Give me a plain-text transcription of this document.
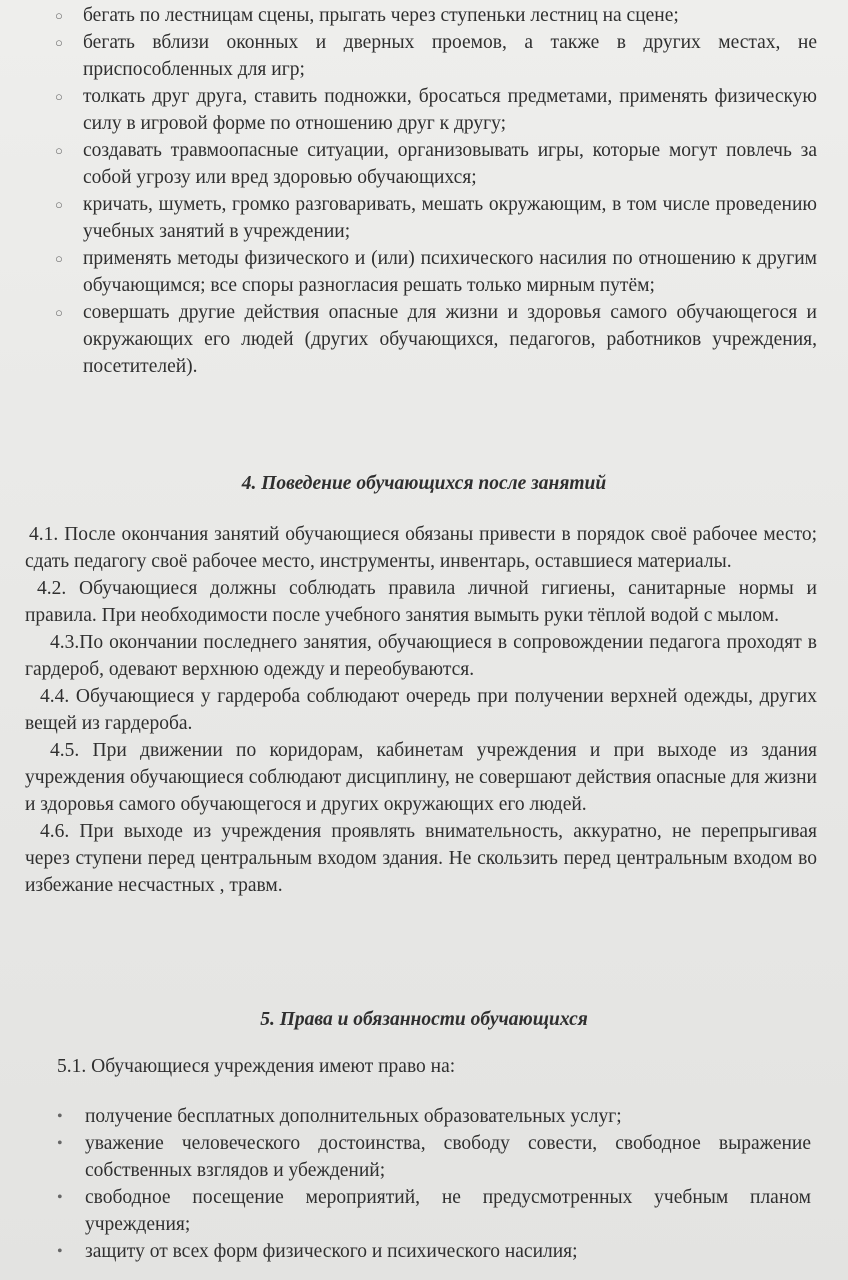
○	бегать по лестницам сцены, прыгать через ступеньки лестниц на сцене;
○	бегать вблизи оконных и дверных проемов, а также в других местах, не приспособленных для игр;
○	толкать друг друга, ставить подножки, бросаться предметами, применять физическую силу в игровой форме по отношению друг к другу;
○	создавать травмоопасные ситуации, организовывать игры, которые могут повлечь за собой угрозу или вред здоровью обучающихся;
○	кричать, шуметь, громко разговаривать, мешать окружающим, в том числе проведению учебных занятий в учреждении;
○	применять методы физического и (или) психического насилия по отношению к другим обучающимся; все споры разногласия решать только мирным путём;
○	совершать другие действия опасные для жизни и здоровья самого обучающегося и окружающих его людей (других обучающихся, педагогов, работников учреждения, посетителей).
4. Поведение обучающихся после занятий

4.1. После окончания занятий обучающиеся обязаны привести в порядок своё рабочее место; сдать педагогу своё рабочее место, инструменты, инвентарь, оставшиеся материалы.

4.2. Обучающиеся должны соблюдать правила личной гигиены, санитарные нормы и правила. При необходимости после учебного занятия вымыть руки тёплой водой с мылом.

4.3.По окончании последнего занятия, обучающиеся в сопровождении педагога проходят в гардероб, одевают верхнюю одежду и переобуваются.

4.4. Обучающиеся у гардероба соблюдают очередь при получении верхней одежды, других вещей из гардероба.

4.5. При движении по коридорам, кабинетам учреждения и при выходе из здания учреждения обучающиеся соблюдают дисциплину, не совершают действия опасные для жизни и здоровья самого обучающегося и других окружающих его людей.

4.6. При выходе из учреждения проявлять внимательность, аккуратно, не перепрыгивая через ступени перед центральным входом здания. Не скользить перед центральным входом во избежание несчастных , травм.

5. Права и обязанности обучающихся
5.1. Обучающиеся учреждения имеют право на:
•	получение бесплатных дополнительных образовательных услуг;
•	уважение человеческого достоинства, свободу совести, свободное выражение собственных взглядов и убеждений;
•	свободное посещение мероприятий, не предусмотренных учебным планом учреждения;
•	защиту от всех форм физического и психического насилия;
